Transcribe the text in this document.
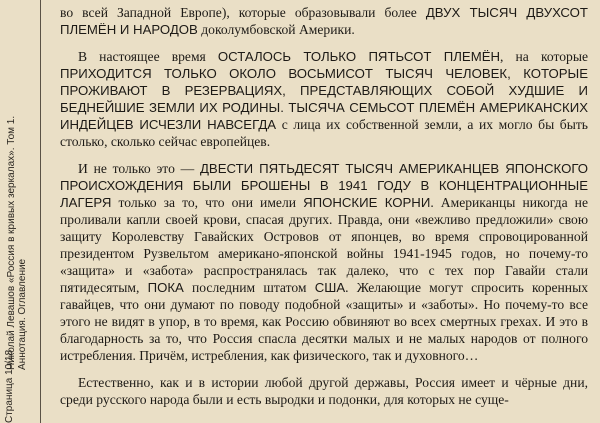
Страница 10/18
Николай Левашов «Россия в кривых зеркалах». Том 1. Аннотация. Оглавление

во всей Западной Европе), которые образовывали более ДВУХ ТЫСЯЧ ДВУХСОТ ПЛЕМЁН И НАРОДОВ доколумбовской Америки.

В настоящее время ОСТАЛОСЬ ТОЛЬКО ПЯТЬСОТ ПЛЕМЁН, на которые ПРИХОДИТСЯ ТОЛЬКО ОКОЛО ВОСЬМИСОТ ТЫСЯЧ ЧЕЛОВЕК, КОТОРЫЕ ПРОЖИВАЮТ В РЕЗЕРВАЦИЯХ, ПРЕДСТАВЛЯЮЩИХ СОБОЙ ХУДШИЕ И БЕДНЕЙШИЕ ЗЕМЛИ ИХ РОДИНЫ. ТЫСЯЧА СЕМЬСОТ ПЛЕМЁН АМЕРИКАНСКИХ ИНДЕЙЦЕВ ИСЧЕЗЛИ НАВСЕГДА с лица их собственной земли, а их могло бы быть столько, сколько сейчас европейцев.

И не только это — ДВЕСТИ ПЯТЬДЕСЯТ ТЫСЯЧ АМЕРИКАНЦЕВ ЯПОНСКОГО ПРОИСХОЖДЕНИЯ БЫЛИ БРОШЕНЫ В 1941 ГОДУ В КОНЦЕНТРАЦИОННЫЕ ЛАГЕРЯ только за то, что они имели ЯПОНСКИЕ КОРНИ. Американцы никогда не проливали капли своей крови, спасая других. Правда, они «вежливо предложили» свою защиту Королевству Гавайских Островов от японцев, во время спровоцированной президентом Рузвельтом американо-японской войны 1941-1945 годов, но почему-то «защита» и «забота» распространялась так далеко, что с тех пор Гавайи стали пятидесятым, ПОКА последним штатом США. Желающие могут спросить коренных гавайцев, что они думают по поводу подобной «защиты» и «заботы». Но почему-то все этого не видят в упор, в то время, как Россию обвиняют во всех смертных грехах. И это в благодарность за то, что Россия спасла десятки малых и не малых народов от полного истребления. Причём, истребления, как физического, так и духовного…

Естественно, как и в истории любой другой державы, Россия имеет и чёрные дни, среди русского народа были и есть выродки и подонки, для которых не суще-
